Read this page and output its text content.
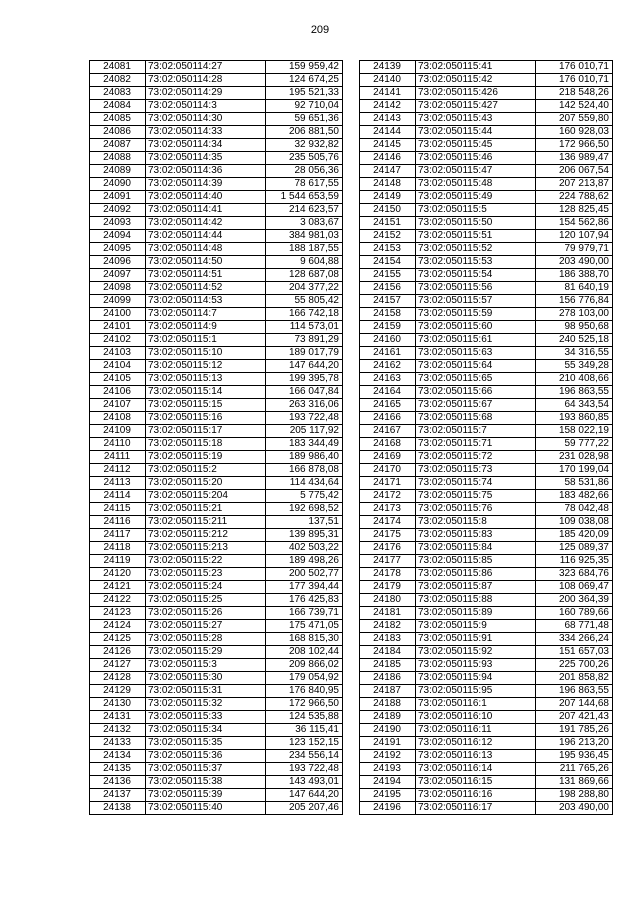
209
24081	73:02:050114:27	159 959,42
24082	73:02:050114:28	124 674,25
24083	73:02:050114:29	195 521,33
24084	73:02:050114:3	92 710,04
24085	73:02:050114:30	59 651,36
24086	73:02:050114:33	206 881,50
24087	73:02:050114:34	32 932,82
24088	73:02:050114:35	235 505,76
24089	73:02:050114:36	28 056,36
24090	73:02:050114:39	78 617,55
24091	73:02:050114:40	1 544 653,59
24092	73:02:050114:41	214 623,57
24093	73:02:050114:42	3 083,67
24094	73:02:050114:44	384 981,03
24095	73:02:050114:48	188 187,55
24096	73:02:050114:50	9 604,88
24097	73:02:050114:51	128 687,08
24098	73:02:050114:52	204 377,22
24099	73:02:050114:53	55 805,42
24100	73:02:050114:7	166 742,18
24101	73:02:050114:9	114 573,01
24102	73:02:050115:1	73 891,29
24103	73:02:050115:10	189 017,79
24104	73:02:050115:12	147 644,20
24105	73:02:050115:13	199 395,78
24106	73:02:050115:14	166 047,84
24107	73:02:050115:15	263 316,06
24108	73:02:050115:16	193 722,48
24109	73:02:050115:17	205 117,92
24110	73:02:050115:18	183 344,49
24111	73:02:050115:19	189 986,40
24112	73:02:050115:2	166 878,08
24113	73:02:050115:20	114 434,64
24114	73:02:050115:204	5 775,42
24115	73:02:050115:21	192 698,52
24116	73:02:050115:211	137,51
24117	73:02:050115:212	139 895,31
24118	73:02:050115:213	402 503,22
24119	73:02:050115:22	189 498,26
24120	73:02:050115:23	200 502,77
24121	73:02:050115:24	177 394,44
24122	73:02:050115:25	176 425,83
24123	73:02:050115:26	166 739,71
24124	73:02:050115:27	175 471,05
24125	73:02:050115:28	168 815,30
24126	73:02:050115:29	208 102,44
24127	73:02:050115:3	209 866,02
24128	73:02:050115:30	179 054,92
24129	73:02:050115:31	176 840,95
24130	73:02:050115:32	172 966,50
24131	73:02:050115:33	124 535,88
24132	73:02:050115:34	36 115,41
24133	73:02:050115:35	123 152,15
24134	73:02:050115:36	234 556,14
24135	73:02:050115:37	193 722,48
24136	73:02:050115:38	143 493,01
24137	73:02:050115:39	147 644,20
24138	73:02:050115:40	205 207,46
24139	73:02:050115:41	176 010,71
24140	73:02:050115:42	176 010,71
24141	73:02:050115:426	218 548,26
24142	73:02:050115:427	142 524,40
24143	73:02:050115:43	207 559,80
24144	73:02:050115:44	160 928,03
24145	73:02:050115:45	172 966,50
24146	73:02:050115:46	136 989,47
24147	73:02:050115:47	206 067,54
24148	73:02:050115:48	207 213,87
24149	73:02:050115:49	224 788,62
24150	73:02:050115:5	128 825,45
24151	73:02:050115:50	154 562,86
24152	73:02:050115:51	120 107,94
24153	73:02:050115:52	79 979,71
24154	73:02:050115:53	203 490,00
24155	73:02:050115:54	186 388,70
24156	73:02:050115:56	81 640,19
24157	73:02:050115:57	156 776,84
24158	73:02:050115:59	278 103,00
24159	73:02:050115:60	98 950,68
24160	73:02:050115:61	240 525,18
24161	73:02:050115:63	34 316,55
24162	73:02:050115:64	55 349,28
24163	73:02:050115:65	210 408,66
24164	73:02:050115:66	196 863,55
24165	73:02:050115:67	64 343,54
24166	73:02:050115:68	193 860,85
24167	73:02:050115:7	158 022,19
24168	73:02:050115:71	59 777,22
24169	73:02:050115:72	231 028,98
24170	73:02:050115:73	170 199,04
24171	73:02:050115:74	58 531,86
24172	73:02:050115:75	183 482,66
24173	73:02:050115:76	78 042,48
24174	73:02:050115:8	109 038,08
24175	73:02:050115:83	185 420,09
24176	73:02:050115:84	125 089,37
24177	73:02:050115:85	116 925,35
24178	73:02:050115:86	323 684,76
24179	73:02:050115:87	108 069,47
24180	73:02:050115:88	200 364,39
24181	73:02:050115:89	160 789,66
24182	73:02:050115:9	68 771,48
24183	73:02:050115:91	334 266,24
24184	73:02:050115:92	151 657,03
24185	73:02:050115:93	225 700,26
24186	73:02:050115:94	201 858,82
24187	73:02:050115:95	196 863,55
24188	73:02:050116:1	207 144,68
24189	73:02:050116:10	207 421,43
24190	73:02:050116:11	191 785,26
24191	73:02:050116:12	196 213,20
24192	73:02:050116:13	195 936,45
24193	73:02:050116:14	211 765,26
24194	73:02:050116:15	131 869,66
24195	73:02:050116:16	198 288,80
24196	73:02:050116:17	203 490,00
